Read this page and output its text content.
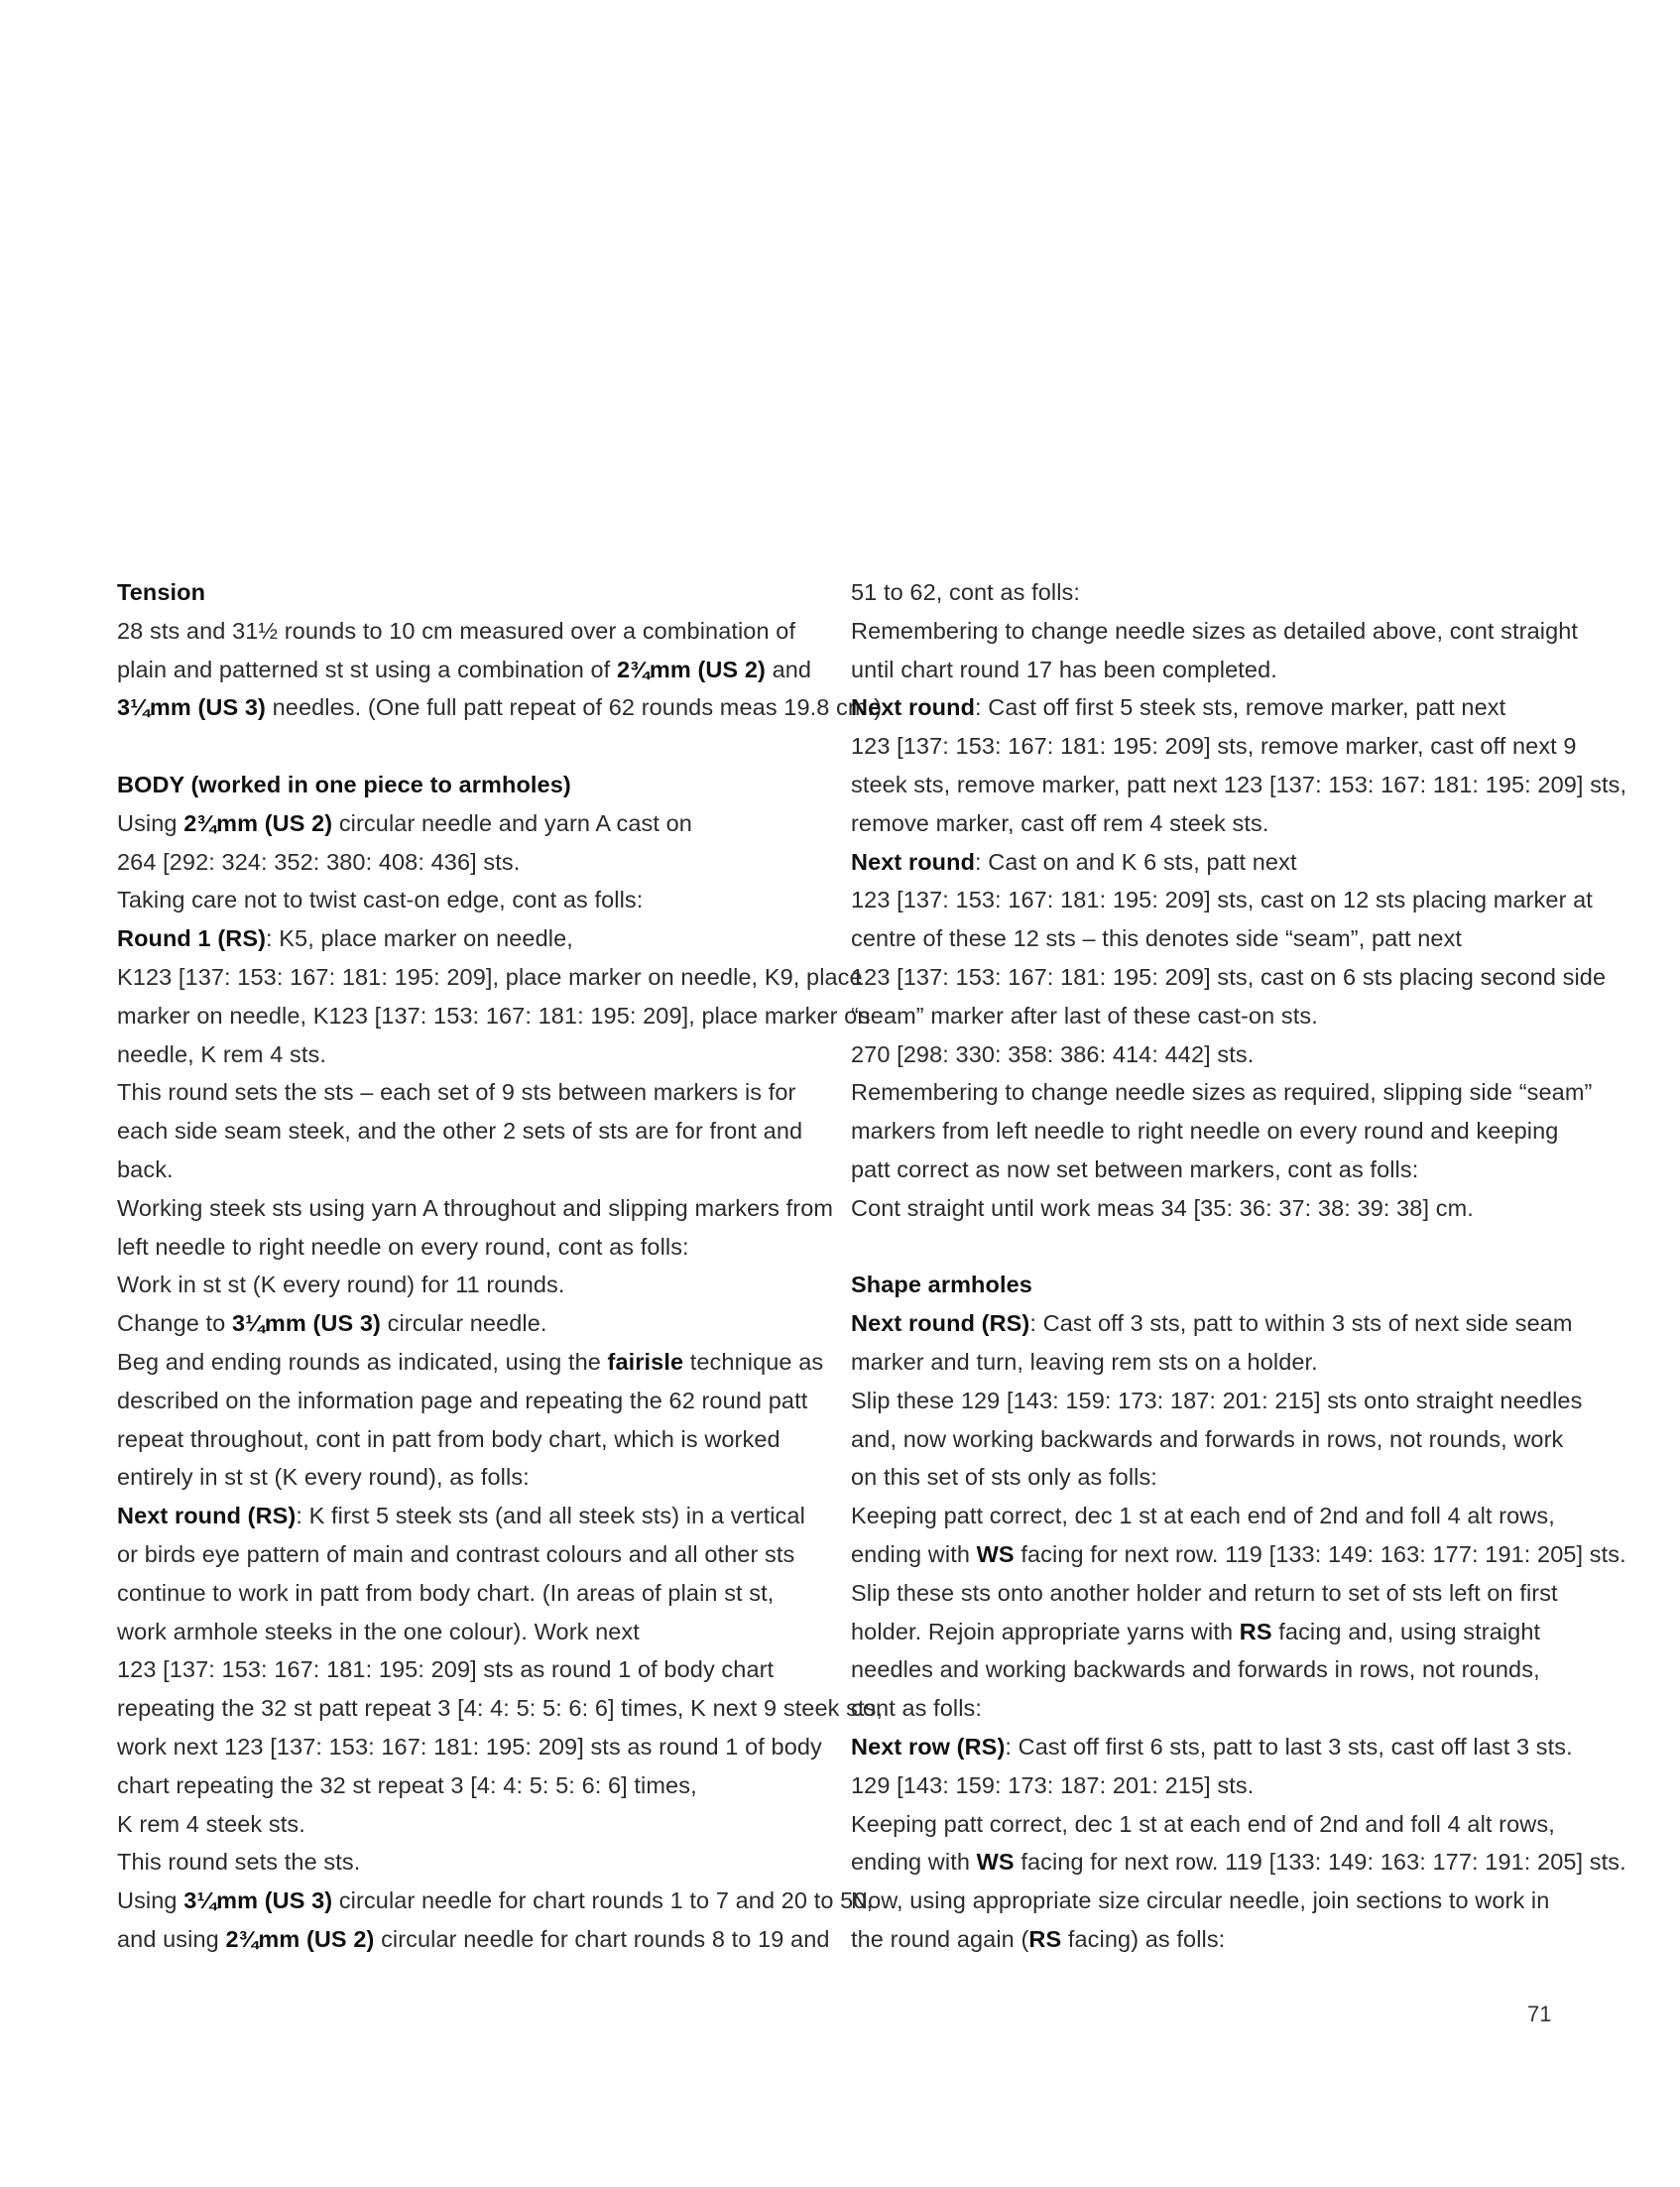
Tension
28 sts and 31½ rounds to 10 cm measured over a combination of
plain and patterned st st using a combination of 2¾mm (US 2) and
3¼mm (US 3) needles. (One full patt repeat of 62 rounds meas 19.8 cm.)
BODY (worked in one piece to armholes)
Using 2¾mm (US 2) circular needle and yarn A cast on
264 [292: 324: 352: 380: 408: 436] sts.
Taking care not to twist cast-on edge, cont as folls:
Round 1 (RS): K5, place marker on needle,
K123 [137: 153: 167: 181: 195: 209], place marker on needle, K9, place
marker on needle, K123 [137: 153: 167: 181: 195: 209], place marker on
needle, K rem 4 sts.
This round sets the sts – each set of 9 sts between markers is for
each side seam steek, and the other 2 sets of sts are for front and
back.
Working steek sts using yarn A throughout and slipping markers from
left needle to right needle on every round, cont as folls:
Work in st st (K every round) for 11 rounds.
Change to 3¼mm (US 3) circular needle.
Beg and ending rounds as indicated, using the fairisle technique as
described on the information page and repeating the 62 round patt
repeat throughout, cont in patt from body chart, which is worked
entirely in st st (K every round), as folls:
Next round (RS): K first 5 steek sts (and all steek sts) in a vertical
or birds eye pattern of main and contrast colours and all other sts
continue to work in patt from body chart. (In areas of plain st st,
work armhole steeks in the one colour). Work next
123 [137: 153: 167: 181: 195: 209] sts as round 1 of body chart
repeating the 32 st patt repeat 3 [4: 4: 5: 5: 6: 6] times, K next 9 steek sts,
work next 123 [137: 153: 167: 181: 195: 209] sts as round 1 of body
chart repeating the 32 st repeat 3 [4: 4: 5: 5: 6: 6] times,
K rem 4 steek sts.
This round sets the sts.
Using 3¼mm (US 3) circular needle for chart rounds 1 to 7 and 20 to 50,
and using 2¾mm (US 2) circular needle for chart rounds 8 to 19 and
51 to 62, cont as folls:
Remembering to change needle sizes as detailed above, cont straight
until chart round 17 has been completed.
Next round: Cast off first 5 steek sts, remove marker, patt next
123 [137: 153: 167: 181: 195: 209] sts, remove marker, cast off next 9
steek sts, remove marker, patt next 123 [137: 153: 167: 181: 195: 209] sts,
remove marker, cast off rem 4 steek sts.
Next round: Cast on and K 6 sts, patt next
123 [137: 153: 167: 181: 195: 209] sts, cast on 12 sts placing marker at
centre of these 12 sts – this denotes side “seam”, patt next
123 [137: 153: 167: 181: 195: 209] sts, cast on 6 sts placing second side
“seam” marker after last of these cast-on sts.
270 [298: 330: 358: 386: 414: 442] sts.
Remembering to change needle sizes as required, slipping side “seam”
markers from left needle to right needle on every round and keeping
patt correct as now set between markers, cont as folls:
Cont straight until work meas 34 [35: 36: 37: 38: 39: 38] cm.
Shape armholes
Next round (RS): Cast off 3 sts, patt to within 3 sts of next side seam
marker and turn, leaving rem sts on a holder.
Slip these 129 [143: 159: 173: 187: 201: 215] sts onto straight needles
and, now working backwards and forwards in rows, not rounds, work
on this set of sts only as folls:
Keeping patt correct, dec 1 st at each end of 2nd and foll 4 alt rows,
ending with WS facing for next row. 119 [133: 149: 163: 177: 191: 205] sts.
Slip these sts onto another holder and return to set of sts left on first
holder. Rejoin appropriate yarns with RS facing and, using straight
needles and working backwards and forwards in rows, not rounds,
cont as folls:
Next row (RS): Cast off first 6 sts, patt to last 3 sts, cast off last 3 sts.
129 [143: 159: 173: 187: 201: 215] sts.
Keeping patt correct, dec 1 st at each end of 2nd and foll 4 alt rows,
ending with WS facing for next row. 119 [133: 149: 163: 177: 191: 205] sts.
Now, using appropriate size circular needle, join sections to work in
the round again (RS facing) as folls:
71
